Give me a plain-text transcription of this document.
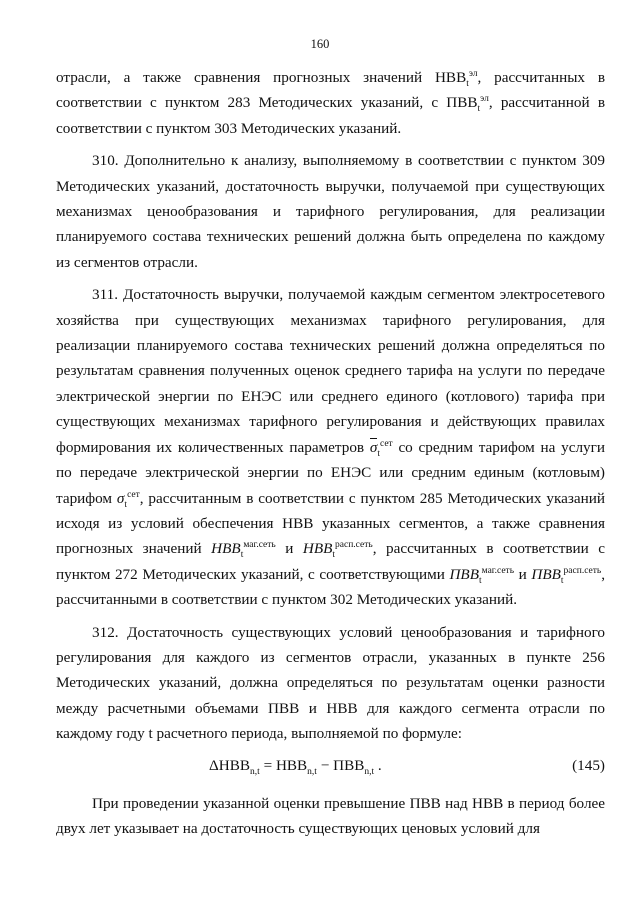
160

отрасли, а также сравнения прогнозных значений $НВВ_t^{эл}$, рассчитанных в соответствии с пунктом 283 Методических указаний, с $ПВВ_t^{эл}$, рассчитанной в соответствии с пунктом 303 Методических указаний.

310. Дополнительно к анализу, выполняемому в соответствии с пунктом 309 Методических указаний, достаточность выручки, получаемой при существующих механизмах ценообразования и тарифного регулирования, для реализации планируемого состава технических решений должна быть определена по каждому из сегментов отрасли.

311. Достаточность выручки, получаемой каждым сегментом электросетевого хозяйства при существующих механизмах тарифного регулирования, для реализации планируемого состава технических решений должна определяться по результатам сравнения полученных оценок среднего тарифа на услуги по передаче электрической энергии по ЕНЭС или среднего единого (котлового) тарифа при существующих механизмах тарифного регулирования и действующих правилах формирования их количественных параметров $\sigma_t^{сет}$ со средним тарифом на услуги по передаче электрической энергии по ЕНЭС или средним единым (котловым) тарифом $\sigma_t^{сет}$, рассчитанным в соответствии с пунктом 285 Методических указаний исходя из условий обеспечения НВВ указанных сегментов, а также сравнения прогнозных значений $НВВ_t^{маг.сеть}$ и $НВВ_t^{расп.сеть}$, рассчитанных в соответствии с пунктом 272 Методических указаний, с соответствующими $ПВВ_t^{маг.сеть}$ и $ПВВ_t^{расп.сеть}$, рассчитанными в соответствии с пунктом 302 Методических указаний.

312. Достаточность существующих условий ценообразования и тарифного регулирования для каждого из сегментов отрасли, указанных в пункте 256 Методических указаний, должна определяться по результатам оценки разности между расчетными объемами ПВВ и НВВ для каждого сегмента отрасли по каждому году t расчетного периода, выполняемой по формуле:

$\Delta НВВ_{n,t} = НВВ_{n,t} - ПВВ_{n,t}$ .	(145)

При проведении указанной оценки превышение ПВВ над НВВ в период более двух лет указывает на достаточность существующих ценовых условий для
